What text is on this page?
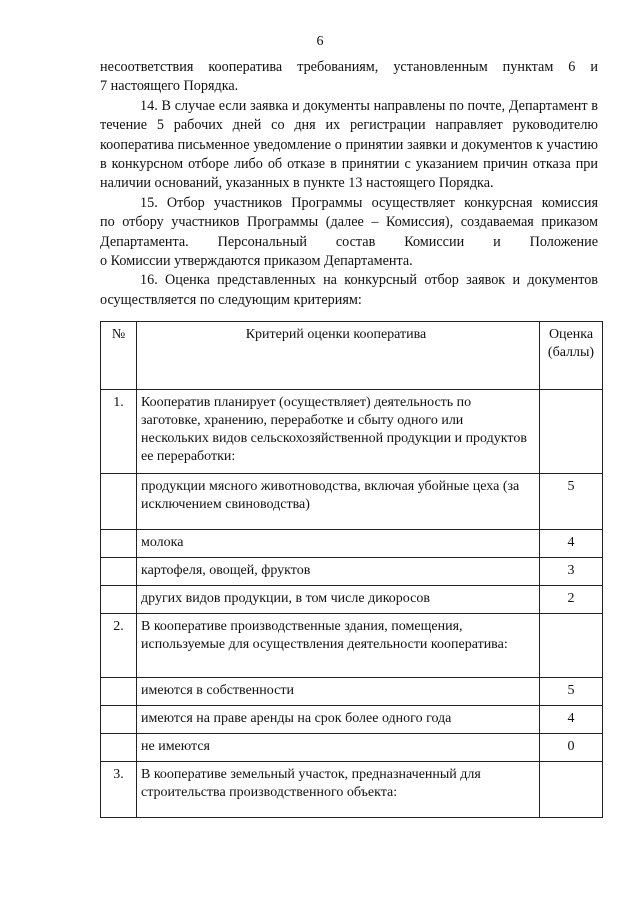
6

несоответствия кооператива требованиям, установленным пунктам 6 и

7 настоящего Порядка.

14. В случае если заявка и документы направлены по почте, Департамент в течение 5 рабочих дней со дня их регистрации направляет руководителю кооператива письменное уведомление о принятии заявки и документов к участию в конкурсном отборе либо об отказе в принятии с указанием причин отказа при наличии оснований, указанных в пункте 13 настоящего Порядка.

15. Отбор участников Программы осуществляет конкурсная комиссия

по отбору участников Программы (далее – Комиссия), создаваемая приказом

Департамента. Персональный состав Комиссии и Положение

о Комиссии утверждаются приказом Департамента.

16. Оценка представленных на конкурсный отбор заявок и документов осуществляется по следующим критериям:

№	Критерий оценки кооператива	Оценка (баллы)
1.	Кооператив планирует (осуществляет) деятельность по заготовке, хранению, переработке и сбыту одного или нескольких видов сельскохозяйственной продукции и продуктов ее переработки:	
	продукции мясного животноводства, включая убойные цеха (за исключением свиноводства)	5
	молока	4
	картофеля, овощей, фруктов	3
	других видов продукции, в том числе дикоросов	2
2.	В кооперативе производственные здания, помещения, используемые для осуществления деятельности кооператива:	
	имеются в собственности	5
	имеются на праве аренды на срок более одного года	4
	не имеются	0
3.	В кооперативе земельный участок, предназначенный для строительства производственного объекта:	
